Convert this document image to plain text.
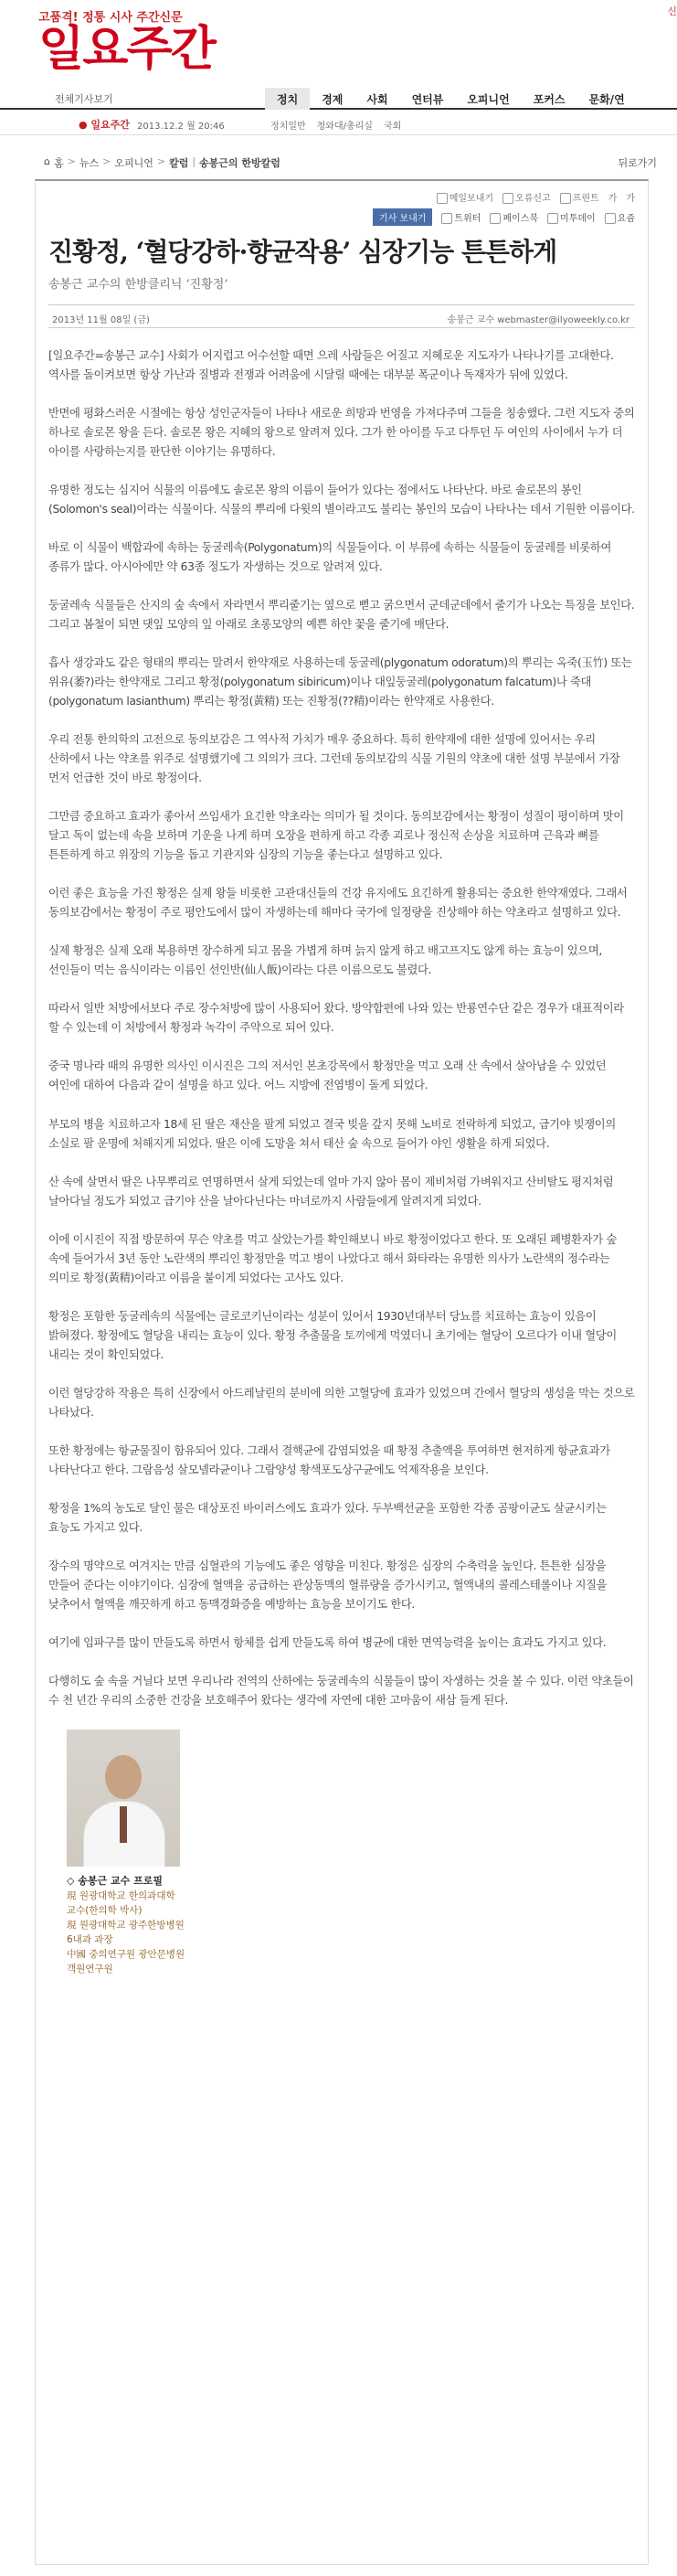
고품격! 정통 시사 주간신문
일요주간
전체기사보기
신
정치	경제	사회	연터뷰	오피니언	포커스	문화/연
● 일요주간 2013.12.2 월 20:46	정치일반 청와대/총리실 국회
⌂ 홈 > 뉴스 > 오피니언 > 칼럼 | 송봉근의 한방칼럼	뒤로가기
메일보내기	오류신고	프린트 가 가
기사 보내기	트위터	페이스북	미투데이	요즘
진황정, ‘혈당강하·향균작용’ 심장기능 튼튼하게
송봉근 교수의 한방클리닉 ‘진황정’
2013년 11월 08일 (금)	송봉근 교수 webmaster@ilyoweekly.co.kr

[일요주간=송봉근 교수] 사회가 어지럽고 어수선할 때면 으레 사람들은 어질고 지혜로운 지도자가 나타나기를 고대한다. 역사를 돌이켜보면 항상 가난과 질병과 전쟁과 어려움에 시달릴 때에는 대부분 폭군이나 독재자가 뒤에 있었다.

반면에 평화스러운 시절에는 항상 성인군자들이 나타나 새로운 희망과 번영을 가져다주며 그들을 칭송했다. 그런 지도자 중의 하나로 솔로몬 왕을 든다. 솔로몬 왕은 지혜의 왕으로 알려져 있다. 그가 한 아이를 두고 다투던 두 여인의 사이에서 누가 더 아이를 사랑하는지를 판단한 이야기는 유명하다.

유명한 정도는 심지어 식물의 이름에도 솔로몬 왕의 이름이 들어가 있다는 점에서도 나타난다. 바로 솔로몬의 봉인(Solomon's seal)이라는 식물이다. 식물의 뿌리에 다윗의 별이라고도 불리는 봉인의 모습이 나타나는 데서 기원한 이름이다.

바로 이 식물이 백합과에 속하는 둥굴레속(Polygonatum)의 식물들이다. 이 부류에 속하는 식물들이 둥굴레를 비롯하여 종류가 많다. 아시아에만 약 63종 정도가 자생하는 것으로 알려져 있다.

둥굴레속 식물들은 산지의 숲 속에서 자라면서 뿌리줄기는 옆으로 뻗고 굵으면서 군데군데에서 줄기가 나오는 특징을 보인다. 그리고 봄철이 되면 댓잎 모양의 잎 아래로 초롱모양의 예쁜 하얀 꽃을 줄기에 매단다.

흡사 생강과도 같은 형태의 뿌리는 말려서 한약재로 사용하는데 둥굴레(plygonatum odoratum)의 뿌리는 옥죽(玉竹) 또는 위유(萎?)라는 한약재로 그리고 황정(polygonatum sibiricum)이나 대잎둥굴레(polygonatum falcatum)나 죽대(polygonatum lasianthum) 뿌리는 황정(黃精) 또는 진황정(??精)이라는 한약재로 사용한다.

우리 전통 한의학의 고전으로 동의보감은 그 역사적 가치가 매우 중요하다. 특히 한약재에 대한 설명에 있어서는 우리 산하에서 나는 약초를 위주로 설명했기에 그 의의가 크다. 그런데 동의보감의 식물 기원의 약초에 대한 설명 부분에서 가장 먼저 언급한 것이 바로 황정이다.

그만큼 중요하고 효과가 좋아서 쓰임새가 요긴한 약초라는 의미가 될 것이다. 동의보감에서는 황정이 성질이 평이하며 맛이 달고 독이 없는데 속을 보하며 기운을 나게 하며 오장을 편하게 하고 각종 괴로나 정신적 손상을 치료하며 근육과 뼈를 튼튼하게 하고 위장의 기능을 돕고 기관지와 심장의 기능을 좋는다고 설명하고 있다.

이런 좋은 효능을 가진 황정은 실제 왕들 비롯한 고관대신들의 건강 유지에도 요긴하게 활용되는 중요한 한약재였다. 그래서 동의보감에서는 황정이 주로 평안도에서 많이 자생하는데 해마다 국가에 일정량을 진상해야 하는 약초라고 설명하고 있다.

실제 황정은 실제 오래 복용하면 장수하게 되고 몸을 가볍게 하며 늙지 않게 하고 배고프지도 않게 하는 효능이 있으며, 선인들이 먹는 음식이라는 이름인 선인반(仙人飯)이라는 다른 이름으로도 불렸다.

따라서 일반 처방에서보다 주로 장수처방에 많이 사용되어 왔다. 방약합편에 나와 있는 반룡연수단 같은 경우가 대표적이라 할 수 있는데 이 처방에서 황정과 녹각이 주약으로 되어 있다.

중국 명나라 때의 유명한 의사인 이시진은 그의 저서인 본초강목에서 황정만을 먹고 오래 산 속에서 살아남을 수 있었던 여인에 대하여 다음과 같이 설명을 하고 있다. 어느 지방에 전염병이 돌게 되었다.

부모의 병을 치료하고자 18세 된 딸은 재산을 팔게 되었고 결국 빚을 갚지 못해 노비로 전락하게 되었고, 급기야 빚쟁이의 소실로 팔 운명에 처해지게 되었다. 딸은 이에 도망을 쳐서 태산 숲 속으로 들어가 야인 생활을 하게 되었다.

산 속에 살면서 딸은 나무뿌리로 연명하면서 살게 되었는데 얼마 가지 않아 몸이 제비처럼 가벼워지고 산비탈도 평지처럼 날아다닐 정도가 되었고 급기야 산을 날아다닌다는 마녀로까지 사람들에게 알려지게 되었다.

이에 이시진이 직접 방문하여 무슨 약초를 먹고 살았는가를 확인해보니 바로 황정이었다고 한다. 또 오래된 폐병환자가 숲 속에 들어가서 3년 동안 노란색의 뿌리인 황정만을 먹고 병이 나았다고 해서 화타라는 유명한 의사가 노란색의 정수라는 의미로 황정(黃精)이라고 이름을 붙이게 되었다는 고사도 있다.

황정은 포함한 둥굴레속의 식물에는 글로코키닌이라는 성분이 있어서 1930년대부터 당뇨를 치료하는 효능이 있음이 밝혀졌다. 황정에도 혈당을 내리는 효능이 있다. 황정 추출물을 토끼에게 먹였더니 초기에는 혈당이 오르다가 이내 혈당이 내리는 것이 확인되었다.

이런 혈당강하 작용은 특히 신장에서 아드레날린의 분비에 의한 고혈당에 효과가 있었으며 간에서 혈당의 생성을 막는 것으로 나타났다.

또한 황정에는 항균물질이 함유되어 있다. 그래서 결핵균에 감염되었을 때 황정 추출액을 투여하면 현저하게 항균효과가 나타난다고 한다. 그람음성 살모넬라균이나 그람양성 황색포도상구균에도 억제작용을 보인다.

황정을 1%의 농도로 달인 물은 대상포진 바이러스에도 효과가 있다. 두부백선균을 포함한 각종 곰팡이균도 살균시키는 효능도 가지고 있다.

장수의 명약으로 여겨지는 만큼 심혈관의 기능에도 좋은 영향을 미친다. 황정은 심장의 수축력을 높인다. 튼튼한 심장을 만들어 준다는 이야기이다. 심장에 혈액을 공급하는 관상동맥의 혈류량을 증가시키고, 혈액내의 콜레스테롤이나 지질을 낮추어서 혈액을 깨끗하게 하고 동맥경화증을 예방하는 효능을 보이기도 한다.

여기에 임파구를 많이 만들도록 하면서 항체를 쉽게 만들도록 하여 병균에 대한 면역능력을 높이는 효과도 가지고 있다.

다행히도 숲 속을 거닐다 보면 우리나라 전역의 산하에는 둥굴레속의 식물들이 많이 자생하는 것을 볼 수 있다. 이런 약초들이 수 천 년간 우리의 소중한 건강을 보호해주어 왔다는 생각에 자연에 대한 고마움이 새삼 들게 된다.

◇ 송봉근 교수 프로필
現 원광대학교 한의과대학 교수(한의학 박사)
現 원광대학교 광주한방병원 6내과 과장
中國 중의연구원 광안문병원 객원연구원
